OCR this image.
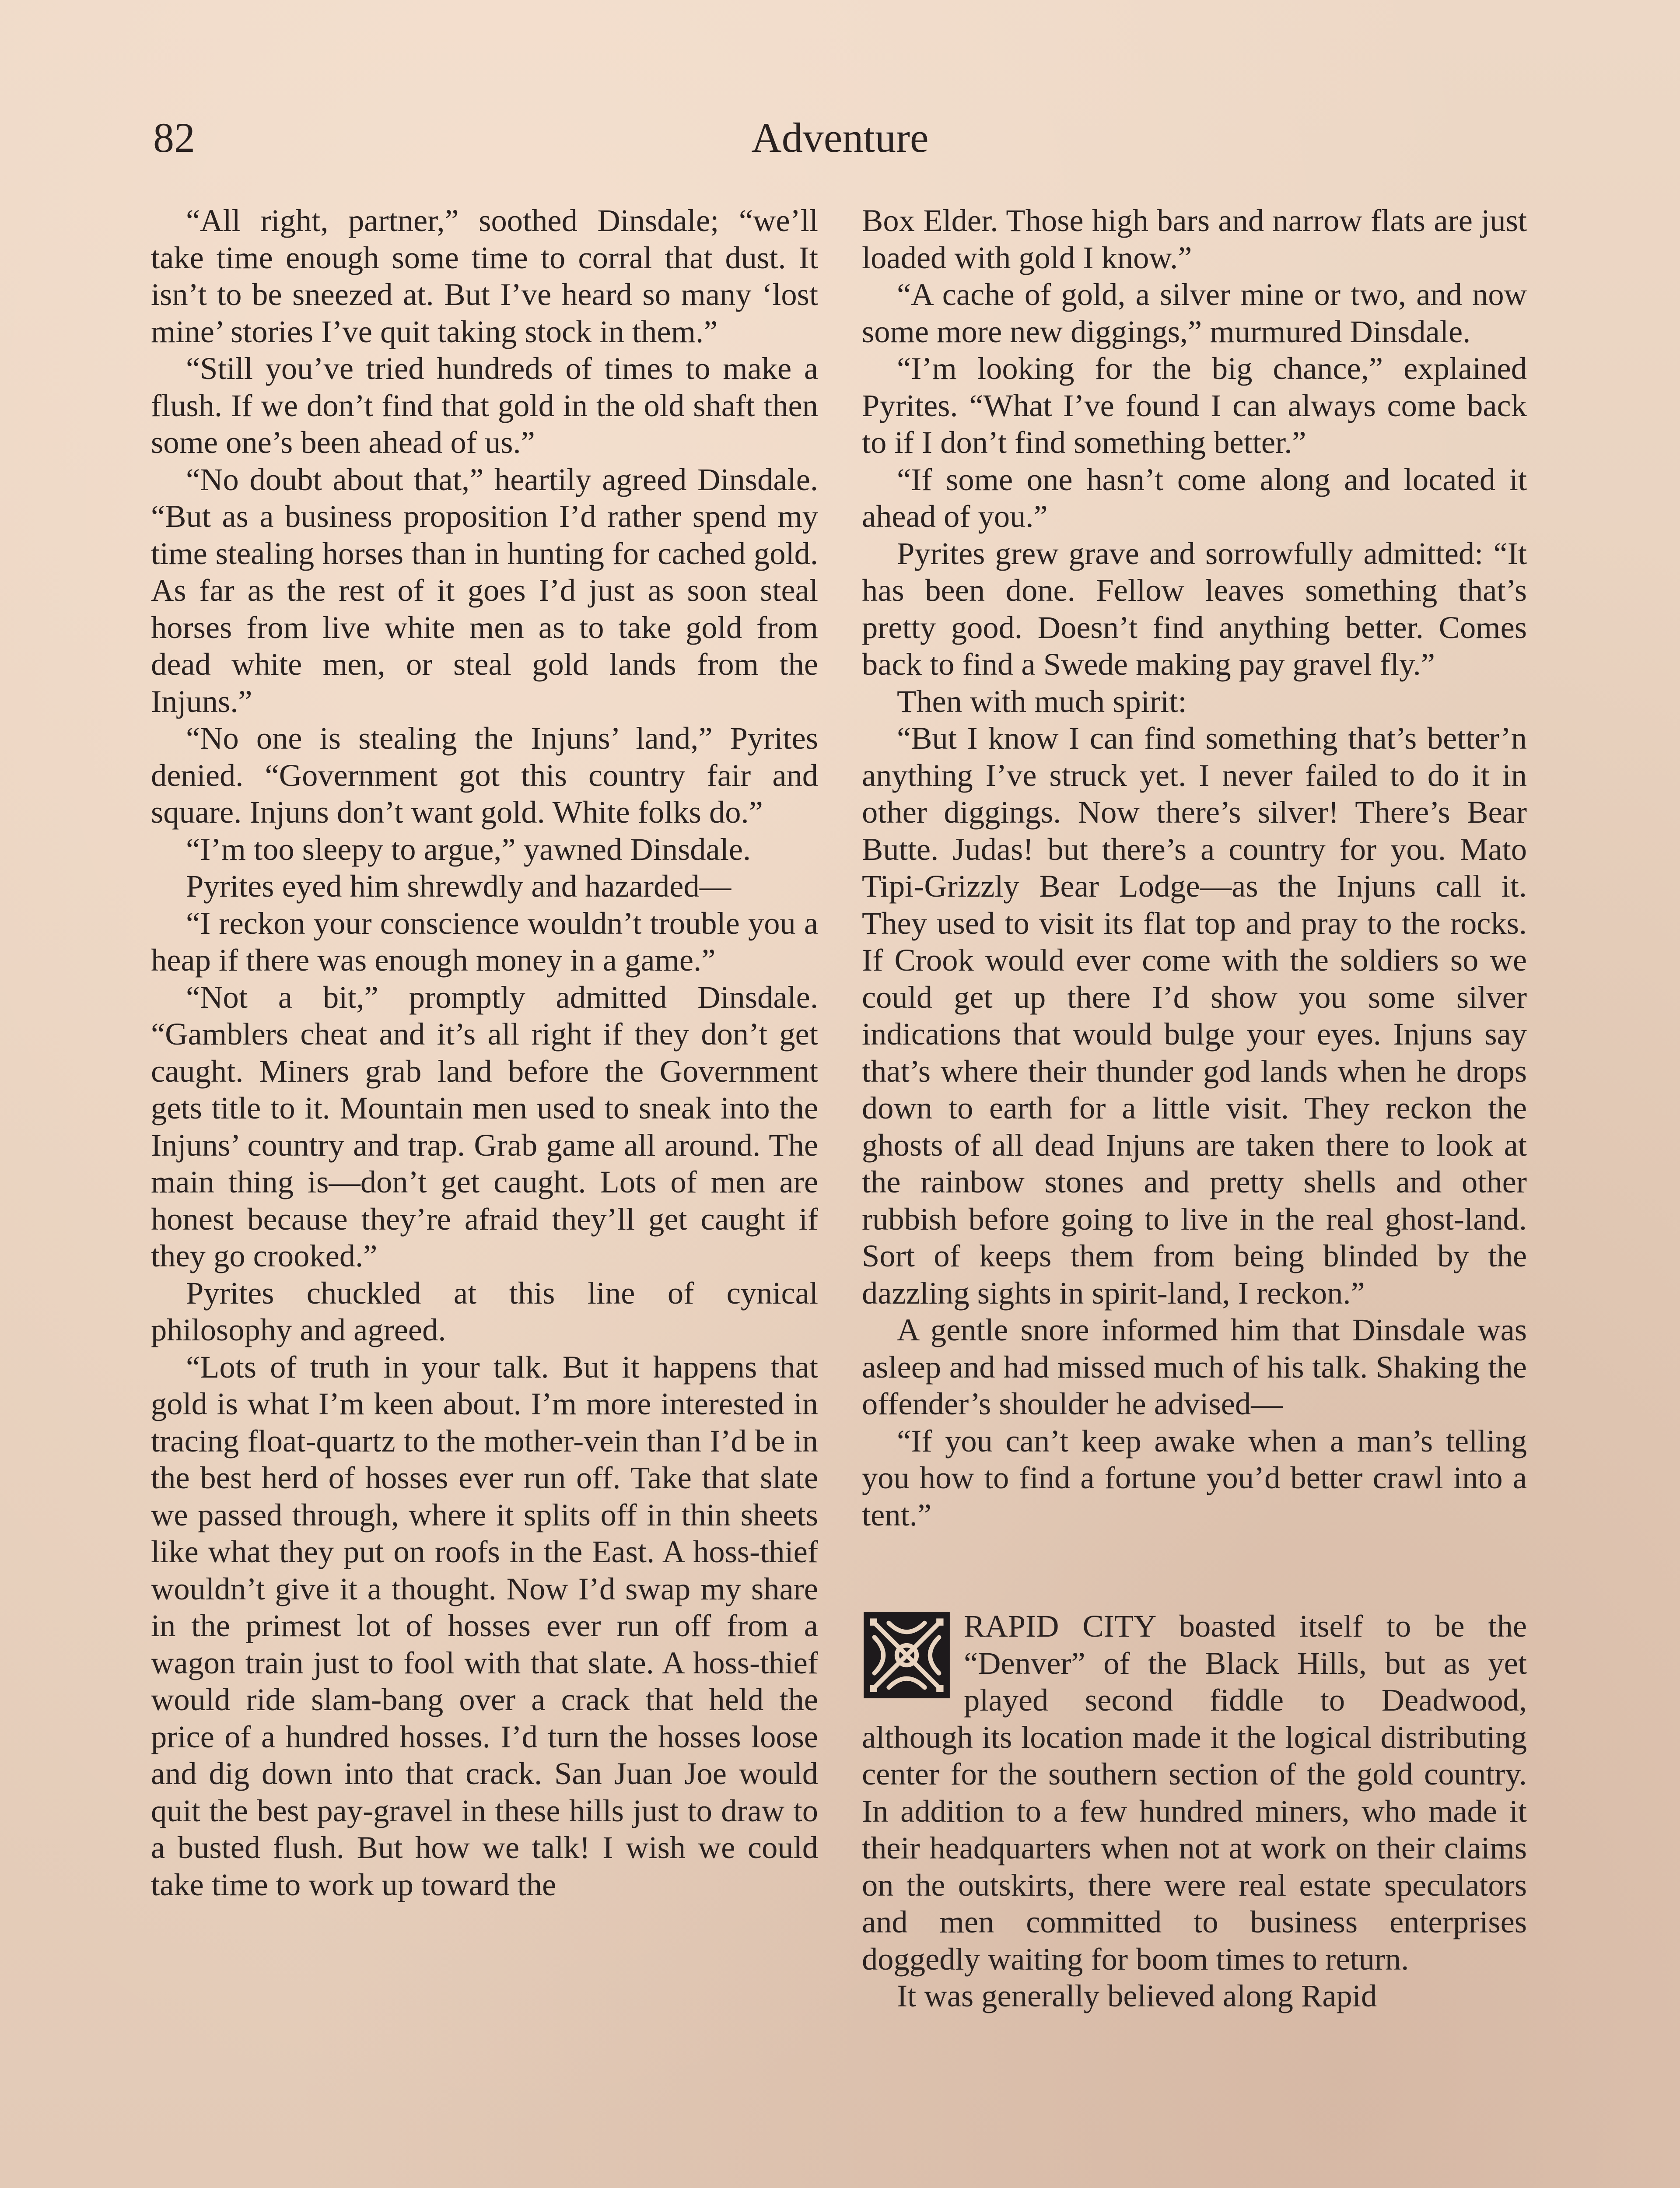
82	Adventure

“All right, partner,” soothed Dinsdale; “we’ll take time enough some time to corral that dust. It isn’t to be sneezed at. But I’ve heard so many ‘lost mine’ stories I’ve quit taking stock in them.”

“Still you’ve tried hundreds of times to make a flush. If we don’t find that gold in the old shaft then some one’s been ahead of us.”

“No doubt about that,” heartily agreed Dinsdale. “But as a business proposition I’d rather spend my time stealing horses than in hunting for cached gold. As far as the rest of it goes I’d just as soon steal horses from live white men as to take gold from dead white men, or steal gold lands from the Injuns.”

“No one is stealing the Injuns’ land,” Pyrites denied. “Government got this country fair and square. Injuns don’t want gold. White folks do.”

“I’m too sleepy to argue,” yawned Dinsdale.

Pyrites eyed him shrewdly and hazarded—

“I reckon your conscience wouldn’t trouble you a heap if there was enough money in a game.”

“Not a bit,” promptly admitted Dinsdale. “Gamblers cheat and it’s all right if they don’t get caught. Miners grab land before the Government gets title to it. Mountain men used to sneak into the Injuns’ country and trap. Grab game all around. The main thing is—don’t get caught. Lots of men are honest because they’re afraid they’ll get caught if they go crooked.”

Pyrites chuckled at this line of cynical philosophy and agreed.

“Lots of truth in your talk. But it happens that gold is what I’m keen about. I’m more interested in tracing float-quartz to the mother-vein than I’d be in the best herd of hosses ever run off. Take that slate we passed through, where it splits off in thin sheets like what they put on roofs in the East. A hoss-thief wouldn’t give it a thought. Now I’d swap my share in the primest lot of hosses ever run off from a wagon train just to fool with that slate. A hoss-thief would ride slam-bang over a crack that held the price of a hundred hosses. I’d turn the hosses loose and dig down into that crack. San Juan Joe would quit the best pay-gravel in these hills just to draw to a busted flush. But how we talk! I wish we could take time to work up toward the

Box Elder. Those high bars and narrow flats are just loaded with gold I know.”

“A cache of gold, a silver mine or two, and now some more new diggings,” murmured Dinsdale.

“I’m looking for the big chance,” explained Pyrites. “What I’ve found I can always come back to if I don’t find something better.”

“If some one hasn’t come along and located it ahead of you.”

Pyrites grew grave and sorrowfully admitted: “It has been done. Fellow leaves something that’s pretty good. Doesn’t find anything better. Comes back to find a Swede making pay gravel fly.”

Then with much spirit:

“But I know I can find something that’s better’n anything I’ve struck yet. I never failed to do it in other diggings. Now there’s silver! There’s Bear Butte. Judas! but there’s a country for you. Mato Tipi-Grizzly Bear Lodge—as the Injuns call it. They used to visit its flat top and pray to the rocks. If Crook would ever come with the soldiers so we could get up there I’d show you some silver indications that would bulge your eyes. Injuns say that’s where their thunder god lands when he drops down to earth for a little visit. They reckon the ghosts of all dead Injuns are taken there to look at the rainbow stones and pretty shells and other rubbish before going to live in the real ghost-land. Sort of keeps them from being blinded by the dazzling sights in spirit-land, I reckon.”

A gentle snore informed him that Dinsdale was asleep and had missed much of his talk. Shaking the offender’s shoulder he advised—

“If you can’t keep awake when a man’s telling you how to find a fortune you’d better crawl into a tent.”

RAPID CITY boasted itself to be the “Denver” of the Black Hills, but as yet played second fiddle to Deadwood, although its location made it the logical distributing center for the southern section of the gold country. In addition to a few hundred miners, who made it their headquarters when not at work on their claims on the outskirts, there were real estate speculators and men committed to business enterprises doggedly waiting for boom times to return.

It was generally believed along Rapid
